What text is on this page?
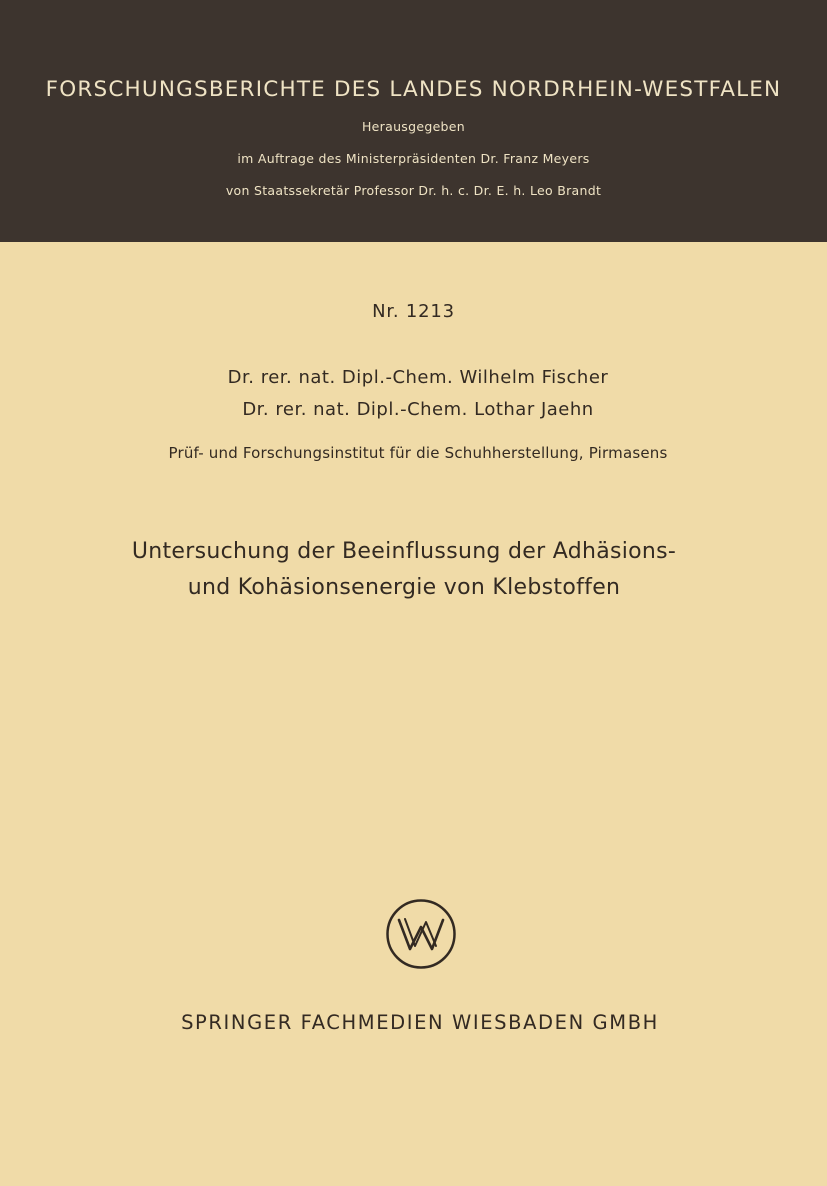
FORSCHUNGSBERICHTE DES LANDES NORDRHEIN-WESTFALEN
Herausgegeben
im Auftrage des Ministerpräsidenten Dr. Franz Meyers
von Staatssekretär Professor Dr. h. c. Dr. E. h. Leo Brandt
Nr. 1213
Dr. rer. nat. Dipl.-Chem. Wilhelm Fischer
Dr. rer. nat. Dipl.-Chem. Lothar Jaehn
Prüf- und Forschungsinstitut für die Schuhherstellung, Pirmasens
Untersuchung der Beeinflussung der Adhäsions-
und Kohäsionsenergie von Klebstoffen
SPRINGER FACHMEDIEN WIESBADEN GMBH
